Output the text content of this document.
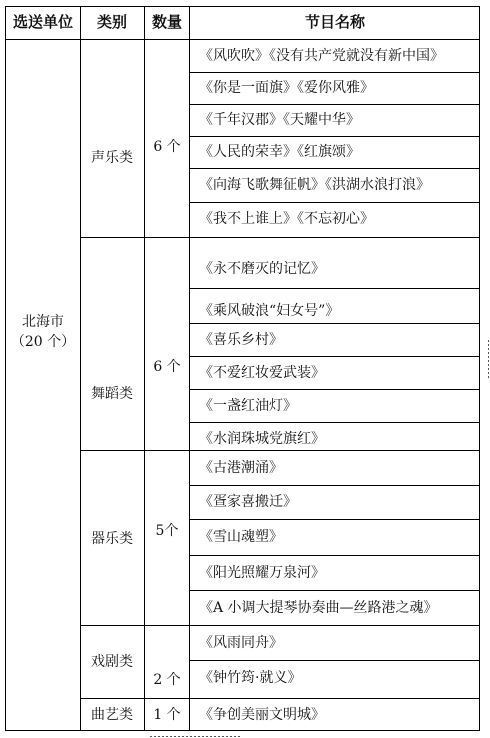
选送单位 类别 数量	节目名称
北海市
（20 个）
声乐类
6 个
《风吹吹》《没有共产党就没有新中国》
《你是一面旗》《爱你风雅》
《千年汉郡》《天耀中华》
《人民的荣幸》《红旗颂》
《向海飞歌舞征帆》《洪湖水浪打浪》
《我不上谁上》《不忘初心》
舞蹈类
6 个
《永不磨灭的记忆》
《乘风破浪“妇女号”》
《喜乐乡村》
《不爱红妆爱武装》
《一盏红油灯》
《水润珠城党旗红》
器乐类 5个
《古港潮涌》
《疍家喜搬迁》
《雪山魂塑》
《阳光照耀万泉河》
《A 小调大提琴协奏曲—丝路港之魂》
戏剧类
2 个
《风雨同舟》
《钟竹筠·就义》
曲艺类 1 个 《争创美丽文明城》
